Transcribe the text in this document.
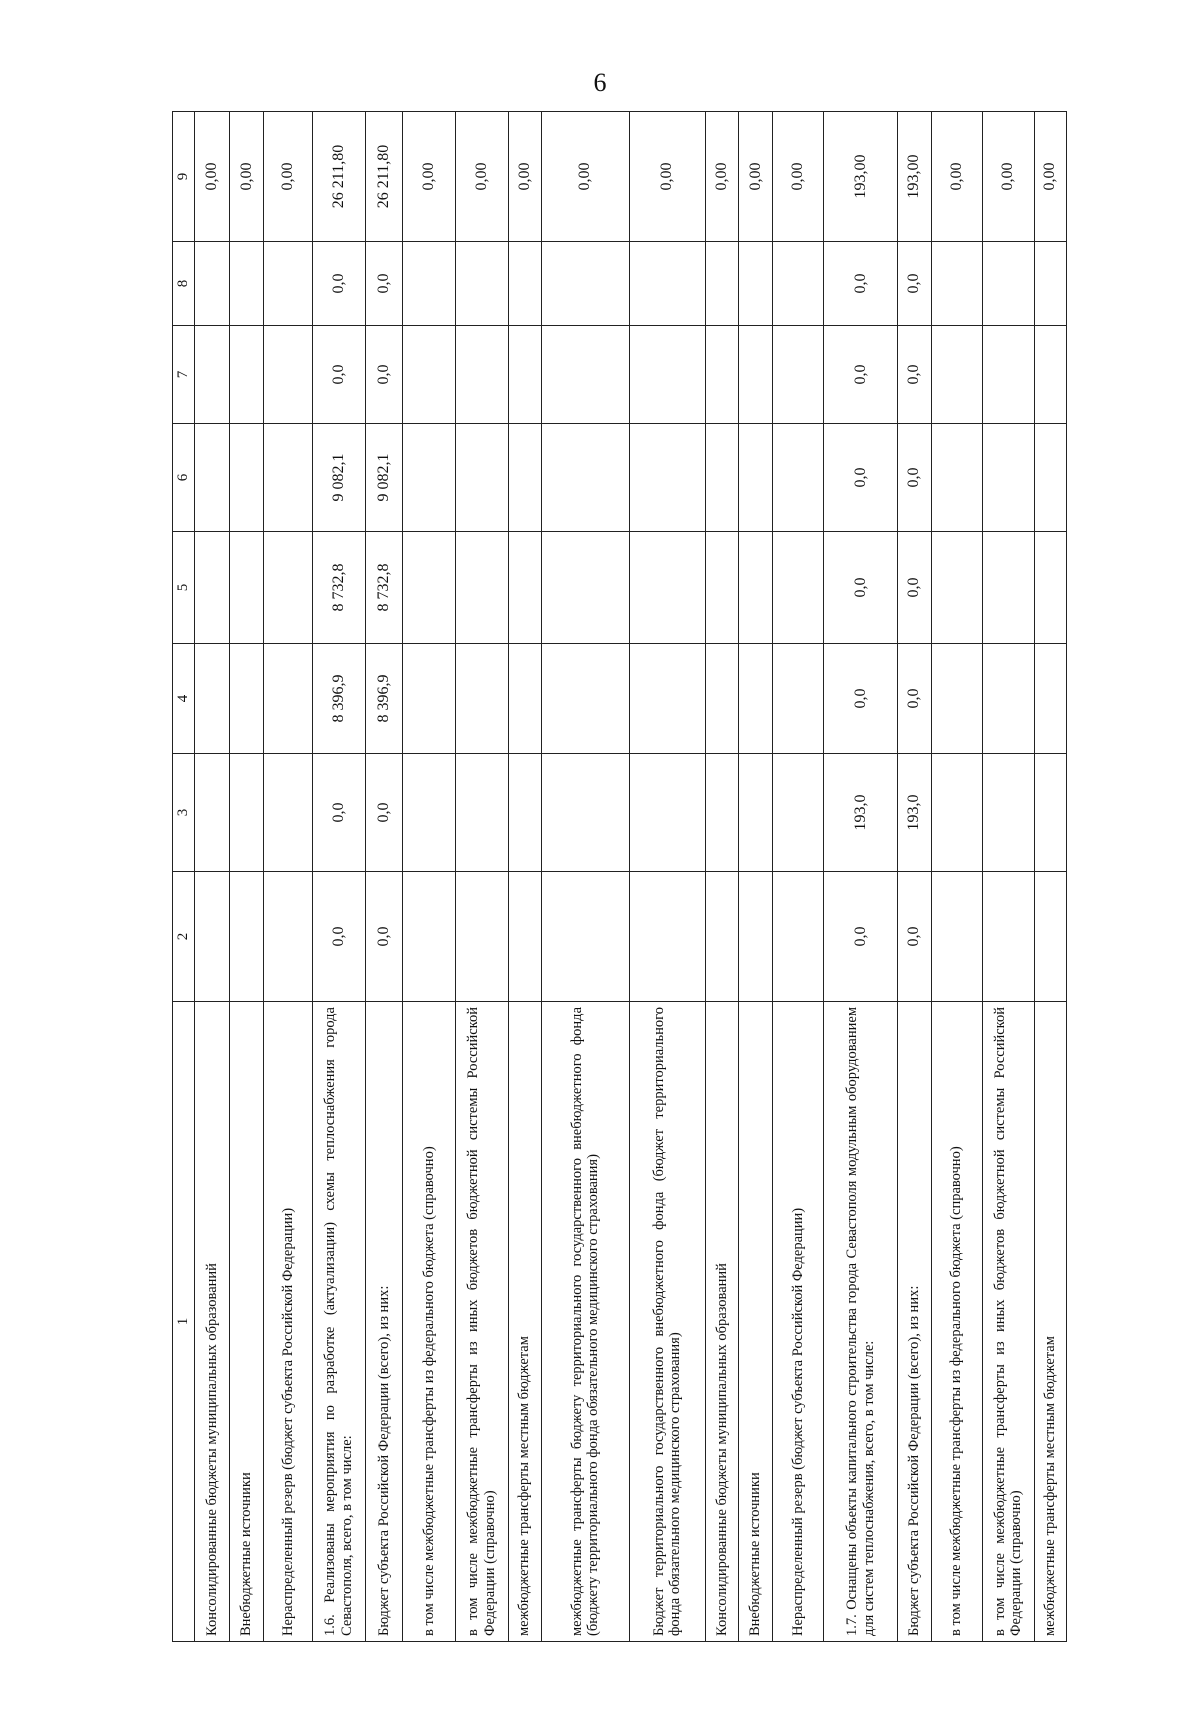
6
1	2	3	4	5	6	7	8	9
Консолидированные бюджеты муниципальных образований								0,00
Внебюджетные источники								0,00
Нераспределенный резерв (бюджет субъекта Российской Федерации)								0,00
1.6. Реализованы мероприятия по разработке (актуализации) схемы теплоснабжения города Севастополя, всего, в том числе:	0,0	0,0	8 396,9	8 732,8	9 082,1	0,0	0,0	26 211,80
Бюджет субъекта Российской Федерации (всего), из них:	0,0	0,0	8 396,9	8 732,8	9 082,1	0,0	0,0	26 211,80
в том числе межбюджетные трансферты из федерального бюджета (справочно)								0,00
в том числе межбюджетные трансферты из иных бюджетов бюджетной системы Российской Федерации (справочно)								0,00
межбюджетные трансферты местным бюджетам								0,00
межбюджетные трансферты бюджету территориального государственного внебюджетного фонда (бюджету территориального фонда обязательного медицинского страхования)								0,00
Бюджет территориального государственного внебюджетного фонда (бюджет территориального фонда обязательного медицинского страхования)								0,00
Консолидированные бюджеты муниципальных образований								0,00
Внебюджетные источники								0,00
Нераспределенный резерв (бюджет субъекта Российской Федерации)								0,00
1.7. Оснащены объекты капитального строительства города Севастополя модульным оборудованием для систем теплоснабжения, всего, в том числе:	0,0	193,0	0,0	0,0	0,0	0,0	0,0	193,00
Бюджет субъекта Российской Федерации (всего), из них:	0,0	193,0	0,0	0,0	0,0	0,0	0,0	193,00
в том числе межбюджетные трансферты из федерального бюджета (справочно)								0,00
в том числе межбюджетные трансферты из иных бюджетов бюджетной системы Российской Федерации (справочно)								0,00
межбюджетные трансферты местным бюджетам								0,00
